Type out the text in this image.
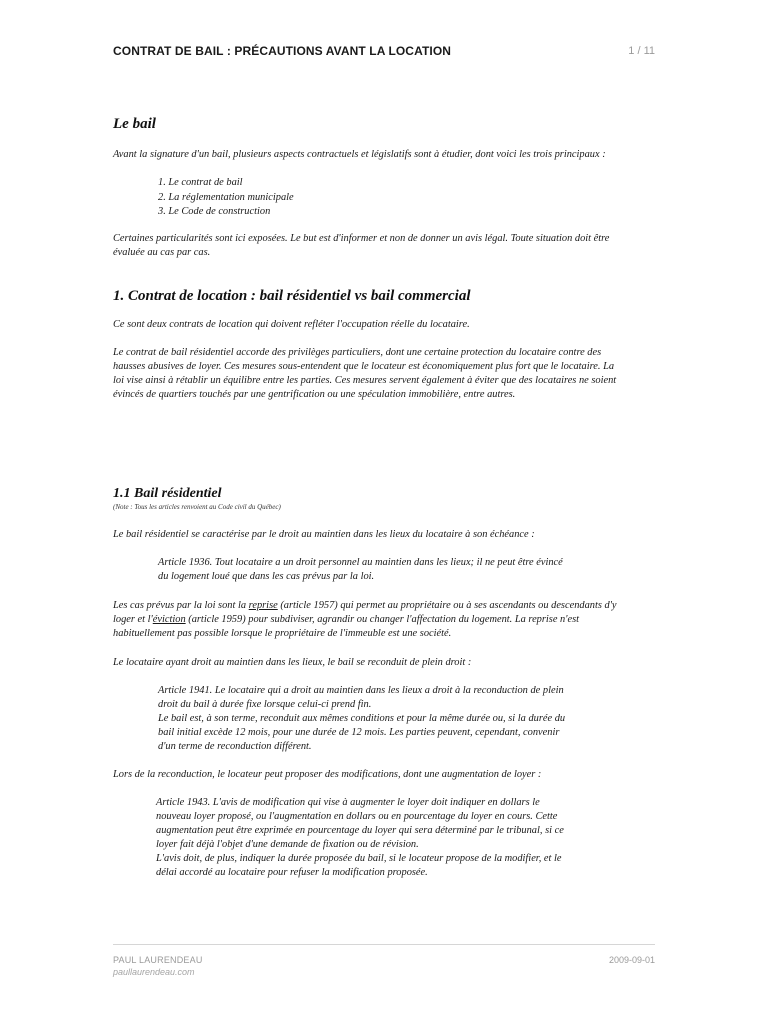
CONTRAT DE BAIL : PRÉCAUTIONS AVANT LA LOCATION	1 / 11
Le bail
Avant la signature d'un bail, plusieurs aspects contractuels et législatifs sont à étudier, dont voici les trois principaux :
1. Le contrat de bail
2. La réglementation municipale
3. Le Code de construction
Certaines particularités sont ici exposées. Le but est d'informer et non de donner un avis légal. Toute situation doit être
évaluée au cas par cas.
1. Contrat de location : bail résidentiel vs bail commercial
Ce sont deux contrats de location qui doivent refléter l'occupation réelle du locataire.
Le contrat de bail résidentiel accorde des privilèges particuliers, dont une certaine protection du locataire contre des
hausses abusives de loyer. Ces mesures sous-entendent que le locateur est économiquement plus fort que le locataire. La
loi vise ainsi à rétablir un équilibre entre les parties. Ces mesures servent également à éviter que des locataires ne soient
évincés de quartiers touchés par une gentrification ou une spéculation immobilière, entre autres.
1.1 Bail résidentiel
(Note : Tous les articles renvoient au Code civil du Québec)
Le bail résidentiel se caractérise par le droit au maintien dans les lieux du locataire à son échéance :
Article 1936. Tout locataire a un droit personnel au maintien dans les lieux; il ne peut être évincé
du logement loué que dans les cas prévus par la loi.
Les cas prévus par la loi sont la reprise (article 1957) qui permet au propriétaire ou à ses ascendants ou descendants d'y
loger et l'éviction (article 1959) pour subdiviser, agrandir ou changer l'affectation du logement. La reprise n'est
habituellement pas possible lorsque le propriétaire de l'immeuble est une société.
Le locataire ayant droit au maintien dans les lieux, le bail se reconduit de plein droit :
Article 1941. Le locataire qui a droit au maintien dans les lieux a droit à la reconduction de plein
droit du bail à durée fixe lorsque celui-ci prend fin.
Le bail est, à son terme, reconduit aux mêmes conditions et pour la même durée ou, si la durée du
bail initial excède 12 mois, pour une durée de 12 mois. Les parties peuvent, cependant, convenir
d'un terme de reconduction différent.
Lors de la reconduction, le locateur peut proposer des modifications, dont une augmentation de loyer :
Article 1943. L'avis de modification qui vise à augmenter le loyer doit indiquer en dollars le
nouveau loyer proposé, ou l'augmentation en dollars ou en pourcentage du loyer en cours. Cette
augmentation peut être exprimée en pourcentage du loyer qui sera déterminé par le tribunal, si ce
loyer fait déjà l'objet d'une demande de fixation ou de révision.
L'avis doit, de plus, indiquer la durée proposée du bail, si le locateur propose de la modifier, et le
délai accordé au locataire pour refuser la modification proposée.
PAUL LAURENDEAU
paullaurendeau.com
2009-09-01
